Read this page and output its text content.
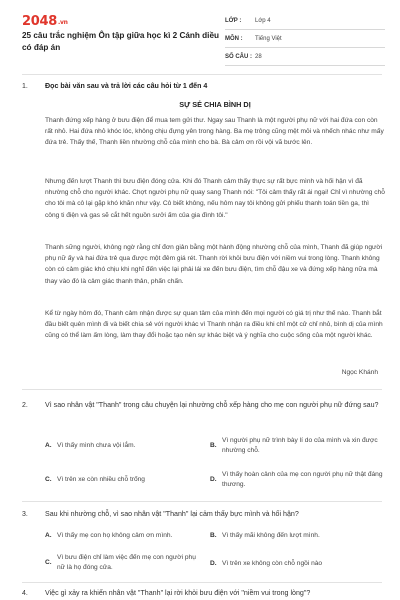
2048.vn
25 câu trắc nghiệm Ôn tập giữa học kì 2 Cánh diều có đáp án
LỚP :	Lớp 4
MÔN :	Tiếng Việt
SỐ CÂU : 28
1. Đọc bài văn sau và trả lời các câu hỏi từ 1 đến 4
SỰ SẺ CHIA BÌNH DỊ
Thanh đứng xếp hàng ở bưu điện để mua tem gửi thư. Ngay sau Thanh là một người phụ nữ với hai đứa con còn rất nhỏ. Hai đứa nhỏ khóc lóc, không chịu đựng yên trong hàng. Ba mẹ trông cũng mệt mỏi và nhếch nhác như mấy đứa trẻ. Thấy thế, Thanh liền nhường chỗ của mình cho bà. Bà cảm ơn rồi vội vã bước lên.
Nhưng đến lượt Thanh thì bưu điện đóng cửa. Khi đó Thanh cảm thấy thực sự rất bực mình và hối hận vì đã nhường chỗ cho người khác. Chợt người phụ nữ quay sang Thanh nói: "Tôi cảm thấy rất ái ngại! Chỉ vì nhường chỗ cho tôi mà cô lại gặp khó khăn như vậy. Cô biết không, nếu hôm nay tôi không gửi phiếu thanh toán tiền ga, thì công ti điện và gas sẽ cắt hết nguồn sưởi ấm của gia đình tôi."
Thanh sững người, không ngờ rằng chỉ đơn giản bằng một hành động nhường chỗ của mình, Thanh đã giúp người phụ nữ ấy và hai đứa trẻ qua được một đêm giá rét. Thanh rời khỏi bưu điện với niềm vui trong lòng. Thanh không còn có cảm giác khó chịu khi nghĩ đến việc lại phải lái xe đến bưu điện, tìm chỗ đậu xe và đứng xếp hàng nữa mà thay vào đó là cảm giác thanh thản, phấn chấn.
Kể từ ngày hôm đó, Thanh cảm nhận được sự quan tâm của mình đến mọi người có giá trị như thế nào. Thanh bắt đầu biết quên mình đi và biết chia sẻ với người khác vì Thanh nhận ra điều khi chỉ một cử chỉ nhỏ, bình dị của mình cũng có thể làm ấm lòng, làm thay đổi hoặc tạo nên sự khác biệt và ý nghĩa cho cuộc sống của một người khác.
Ngọc Khánh
2. Vì sao nhân vật "Thanh" trong câu chuyện lại nhường chỗ xếp hàng cho mẹ con người phụ nữ đứng sau?
A. Vì thấy mình chưa vội lắm.	B.
Vì người phụ nữ trình bày lí do của mình và xin được nhường chỗ.
C. Vì trên xe còn nhiều chỗ trống	D.
Vì thấy hoàn cảnh của mẹ con người phụ nữ thật đáng thương.
3. Sau khi nhường chỗ, vì sao nhân vật "Thanh" lại cảm thấy bực mình và hối hận?
A. Vì thấy mẹ con họ không cảm ơn mình.	B. Vì thấy mãi không đến lượt mình.
C.
Vì bưu điện chỉ làm việc đến mẹ con người phụ nữ là họ đóng cửa.
D. Vì trên xe không còn chỗ ngồi nào
4. Việc gì xảy ra khiến nhân vật "Thanh" lại rời khỏi bưu điện với "niềm vui trong lòng"?
